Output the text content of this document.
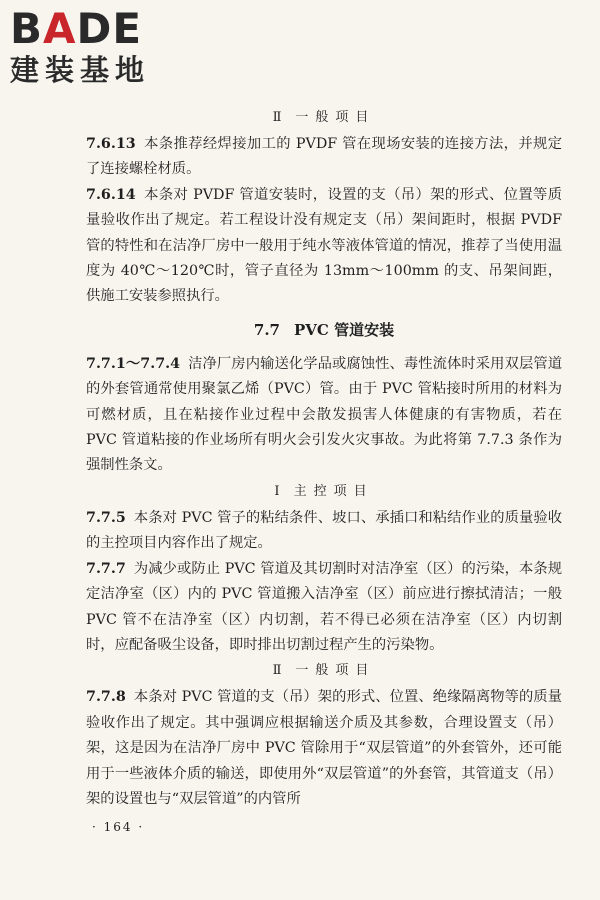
BADE
建装基地
Ⅱ 一般项目

7.6.13 本条推荐经焊接加工的 PVDF 管在现场安装的连接方法，并规定了连接螺栓材质。

7.6.14 本条对 PVDF 管道安装时，设置的支（吊）架的形式、位置等质量验收作出了规定。若工程设计没有规定支（吊）架间距时，根据 PVDF 管的特性和在洁净厂房中一般用于纯水等液体管道的情况，推荐了当使用温度为 40℃～120℃时，管子直径为 13mm～100mm 的支、吊架间距，供施工安装参照执行。

7.7 PVC 管道安装

7.7.1～7.7.4 洁净厂房内输送化学品或腐蚀性、毒性流体时采用双层管道的外套管通常使用聚氯乙烯（PVC）管。由于 PVC 管粘接时所用的材料为可燃材质，且在粘接作业过程中会散发损害人体健康的有害物质，若在 PVC 管道粘接的作业场所有明火会引发火灾事故。为此将第 7.7.3 条作为强制性条文。

Ⅰ 主控项目

7.7.5 本条对 PVC 管子的粘结条件、坡口、承插口和粘结作业的质量验收的主控项目内容作出了规定。

7.7.7 为减少或防止 PVC 管道及其切割时对洁净室（区）的污染，本条规定洁净室（区）内的 PVC 管道搬入洁净室（区）前应进行擦拭清洁；一般 PVC 管不在洁净室（区）内切割，若不得已必须在洁净室（区）内切割时，应配备吸尘设备，即时排出切割过程产生的污染物。

Ⅱ 一般项目

7.7.8 本条对 PVC 管道的支（吊）架的形式、位置、绝缘隔离物等的质量验收作出了规定。其中强调应根据输送介质及其参数，合理设置支（吊）架，这是因为在洁净厂房中 PVC 管除用于“双层管道”的外套管外，还可能用于一些液体介质的输送，即使用外“双层管道”的外套管，其管道支（吊）架的设置也与“双层管道”的内管所

· 164 ·
